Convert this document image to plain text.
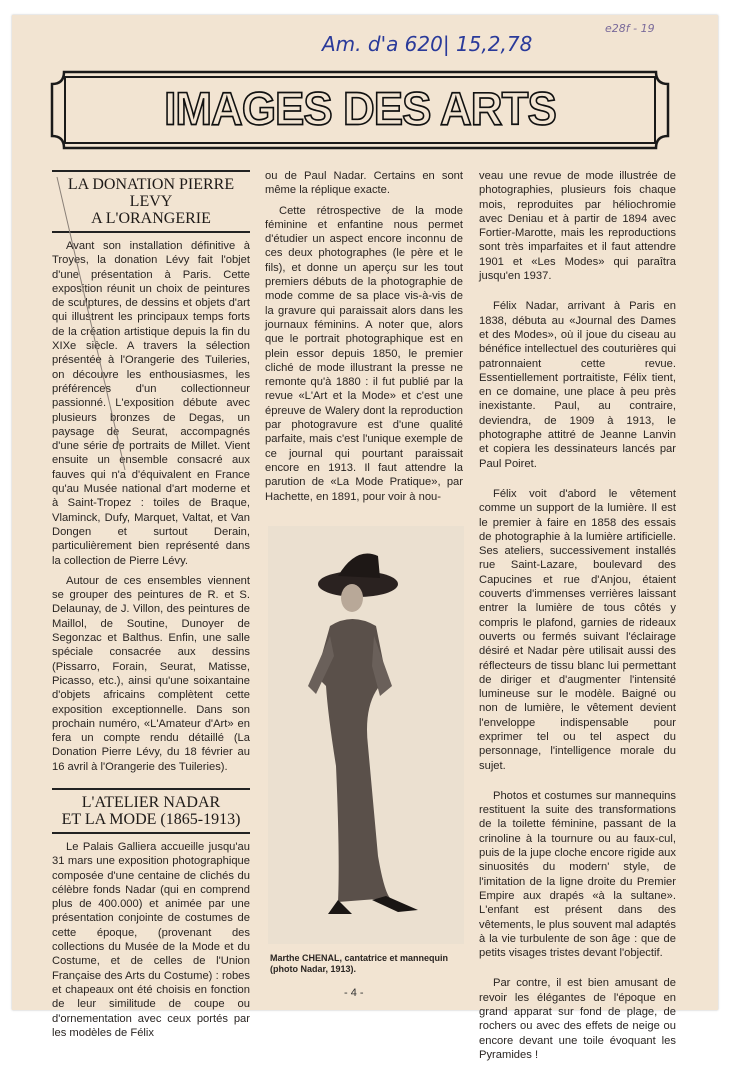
Am. d'a 620| 15,2,78
e28f - 19
IMAGES DES ARTS
LA DONATION PIERRE LEVY
A L'ORANGERIE

Avant son installation définitive à Troyes, la donation Lévy fait l'objet d'une présentation à Paris. Cette exposition réunit un choix de peintures de sculptures, de dessins et objets d'art qui illustrent les principaux temps forts de la création artistique depuis la fin du XIXe siècle. A travers la sélection présentée à l'Orangerie des Tuileries, on découvre les enthousiasmes, les préférences d'un collectionneur passionné. L'exposition débute avec plusieurs bronzes de Degas, un paysage de Seurat, accompagnés d'une série de portraits de Millet. Vient ensuite un ensemble consacré aux fauves qui n'a d'équivalent en France qu'au Musée national d'art moderne et à Saint-Tropez : toiles de Braque, Vlaminck, Dufy, Marquet, Valtat, et Van Dongen et surtout Derain, particulièrement bien représenté dans la collection de Pierre Lévy.

Autour de ces ensembles viennent se grouper des peintures de R. et S. Delaunay, de J. Villon, des peintures de Maillol, de Soutine, Dunoyer de Segonzac et Balthus. Enfin, une salle spéciale consacrée aux dessins (Pissarro, Forain, Seurat, Matisse, Picasso, etc.), ainsi qu'une soixantaine d'objets africains complètent cette exposition exceptionnelle. Dans son prochain numéro, «L'Amateur d'Art» en fera un compte rendu détaillé (La Donation Pierre Lévy, du 18 février au 16 avril à l'Orangerie des Tuileries).

L'ATELIER NADAR
ET LA MODE (1865-1913)

Le Palais Galliera accueille jusqu'au 31 mars une exposition photographique composée d'une centaine de clichés du célèbre fonds Nadar (qui en comprend plus de 400.000) et animée par une présentation conjointe de costumes de cette époque, (provenant des collections du Musée de la Mode et du Costume, et de celles de l'Union Française des Arts du Costume) : robes et chapeaux ont été choisis en fonction de leur similitude de coupe ou d'ornementation avec ceux portés par les modèles de Félix

ou de Paul Nadar. Certains en sont même la réplique exacte.

Cette rétrospective de la mode féminine et enfantine nous permet d'étudier un aspect encore inconnu de ces deux photographes (le père et le fils), et donne un aperçu sur les tout premiers débuts de la photographie de mode comme de sa place vis-à-vis de la gravure qui paraissait alors dans les journaux féminins. A noter que, alors que le portrait photographique est en plein essor depuis 1850, le premier cliché de mode illustrant la presse ne remonte qu'à 1880 : il fut publié par la revue «L'Art et la Mode» et c'est une épreuve de Walery dont la reproduction par photogravure est d'une qualité parfaite, mais c'est l'unique exemple de ce journal qui pourtant paraissait encore en 1913. Il faut attendre la parution de «La Mode Pratique», par Hachette, en 1891, pour voir à nou-

Marthe CHENAL, cantatrice et mannequin (photo Nadar, 1913).

veau une revue de mode illustrée de photographies, plusieurs fois chaque mois, reproduites par héliochromie avec Deniau et à partir de 1894 avec Fortier-Marotte, mais les reproductions sont très imparfaites et il faut attendre 1901 et «Les Modes» qui paraîtra jusqu'en 1937.

Félix Nadar, arrivant à Paris en 1838, débuta au «Journal des Dames et des Modes», où il joue du ciseau au bénéfice intellectuel des couturières qui patronnaient cette revue. Essentiellement portraitiste, Félix tient, en ce domaine, une place à peu près inexistante. Paul, au contraire, deviendra, de 1909 à 1913, le photographe attitré de Jeanne Lanvin et copiera les dessinateurs lancés par Paul Poiret.

Félix voit d'abord le vêtement comme un support de la lumière. Il est le premier à faire en 1858 des essais de photographie à la lumière artificielle. Ses ateliers, successivement installés rue Saint-Lazare, boulevard des Capucines et rue d'Anjou, étaient couverts d'immenses verrières laissant entrer la lumière de tous côtés y compris le plafond, garnies de rideaux ouverts ou fermés suivant l'éclairage désiré et Nadar père utilisait aussi des réflecteurs de tissu blanc lui permettant de diriger et d'augmenter l'intensité lumineuse sur le modèle. Baigné ou non de lumière, le vêtement devient l'enveloppe indispensable pour exprimer tel ou tel aspect du personnage, l'intelligence morale du sujet.

Photos et costumes sur mannequins restituent la suite des transformations de la toilette féminine, passant de la crinoline à la tournure ou au faux-cul, puis de la jupe cloche encore rigide aux sinuosités du modern' style, de l'imitation de la ligne droite du Premier Empire aux drapés «à la sultane». L'enfant est présent dans des vêtements, le plus souvent mal adaptés à la vie turbulente de son âge : que de petits visages tristes devant l'objectif.

Par contre, il est bien amusant de revoir les élégantes de l'époque en grand apparat sur fond de plage, de rochers ou avec des effets de neige ou encore devant une toile évoquant les Pyramides !

- 4 -
